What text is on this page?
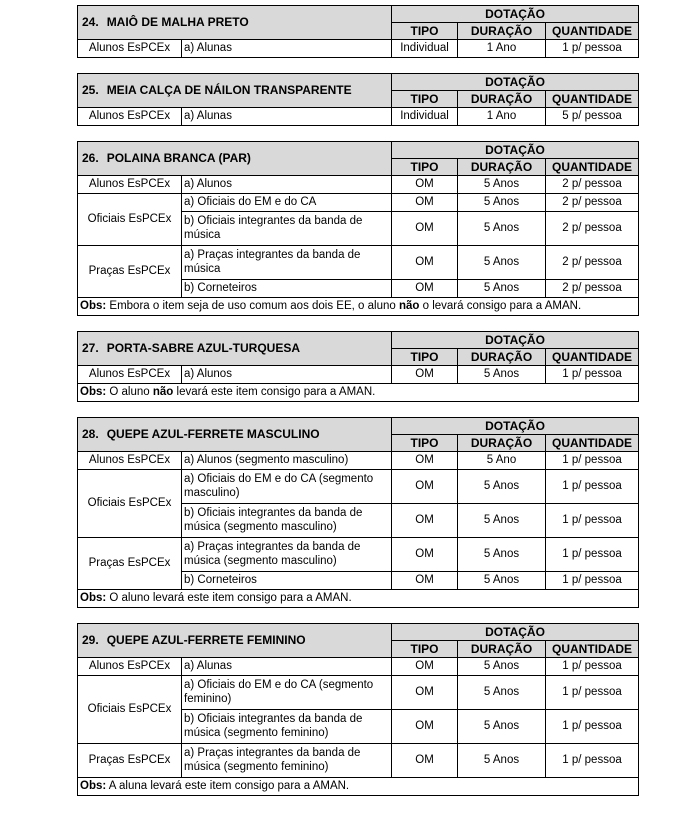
24. MAIÔ DE MALHA PRETO		DOTAÇÃO		
		TIPO	DURAÇÃO	QUANTIDADE
Alunos EsPCEx	a) Alunas	Individual	1 Ano	1 p/ pessoa
25. MEIA CALÇA DE NÁILON TRANSPARENTE		DOTAÇÃO		
		TIPO	DURAÇÃO	QUANTIDADE
Alunos EsPCEx	a) Alunas	Individual	1 Ano	5 p/ pessoa
26. POLAINA BRANCA (PAR)		DOTAÇÃO		
		TIPO	DURAÇÃO	QUANTIDADE
Alunos EsPCEx	a) Alunos	OM	5 Anos	2 p/ pessoa
Oficiais EsPCEx	a) Oficiais do EM e do CA	OM	5 Anos	2 p/ pessoa
	b) Oficiais integrantes da banda de música	OM	5 Anos	2 p/ pessoa
Praças EsPCEx	a) Praças integrantes da banda de música	OM	5 Anos	2 p/ pessoa
	b) Corneteiros	OM	5 Anos	2 p/ pessoa
Obs: Embora o item seja de uso comum aos dois EE, o aluno não o levará consigo para a AMAN.				
27. PORTA-SABRE AZUL-TURQUESA		DOTAÇÃO		
		TIPO	DURAÇÃO	QUANTIDADE
Alunos EsPCEx	a) Alunos	OM	5 Anos	1 p/ pessoa
Obs: O aluno não levará este item consigo para a AMAN.				
28. QUEPE AZUL-FERRETE MASCULINO		DOTAÇÃO		
		TIPO	DURAÇÃO	QUANTIDADE
Alunos EsPCEx	a) Alunos (segmento masculino)	OM	5 Ano	1 p/ pessoa
Oficiais EsPCEx	a) Oficiais do EM e do CA (segmento masculino)	OM	5 Anos	1 p/ pessoa
	b) Oficiais integrantes da banda de música (segmento masculino)	OM	5 Anos	1 p/ pessoa
Praças EsPCEx	a) Praças integrantes da banda de música (segmento masculino)	OM	5 Anos	1 p/ pessoa
	b) Corneteiros	OM	5 Anos	1 p/ pessoa
Obs: O aluno levará este item consigo para a AMAN.				
29. QUEPE AZUL-FERRETE FEMININO		DOTAÇÃO		
		TIPO	DURAÇÃO	QUANTIDADE
Alunos EsPCEx	a) Alunas	OM	5 Anos	1 p/ pessoa
Oficiais EsPCEx	a) Oficiais do EM e do CA (segmento feminino)	OM	5 Anos	1 p/ pessoa
	b) Oficiais integrantes da banda de música (segmento feminino)	OM	5 Anos	1 p/ pessoa
Praças EsPCEx	a) Praças integrantes da banda de música (segmento feminino)	OM	5 Anos	1 p/ pessoa
Obs: A aluna levará este item consigo para a AMAN.				
